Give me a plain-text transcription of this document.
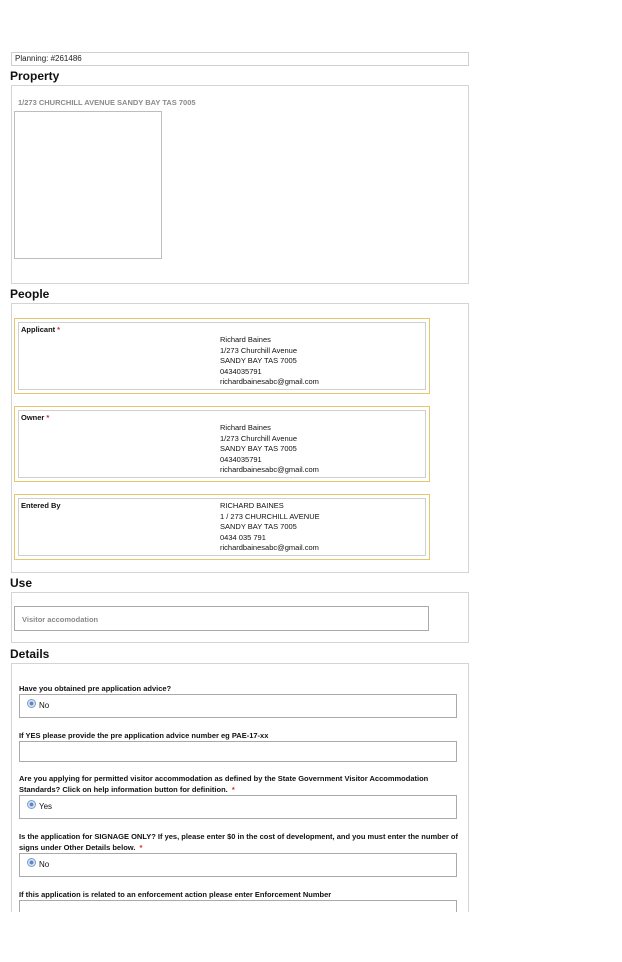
Planning: #261486
Property
1/273 CHURCHILL AVENUE SANDY BAY TAS 7005
People
Applicant *
Richard Baines
1/273 Churchill Avenue
SANDY BAY TAS 7005
0434035791
richardbainesabc@gmail.com
Owner *
Richard Baines
1/273 Churchill Avenue
SANDY BAY TAS 7005
0434035791
richardbainesabc@gmail.com
Entered By	RICHARD BAINES
1 / 273 CHURCHILL AVENUE
SANDY BAY TAS 7005
0434 035 791
richardbainesabc@gmail.com
Use
Visitor accomodation
Details
Have you obtained pre application advice?
No
If YES please provide the pre application advice number eg PAE-17-xx
Are you applying for permitted visitor accommodation as defined by the State Government Visitor Accommodation Standards? Click on help information button for definition. *
Yes
Is the application for SIGNAGE ONLY? If yes, please enter $0 in the cost of development, and you must enter the number of signs under Other Details below. *
No
If this application is related to an enforcement action please enter Enforcement Number
